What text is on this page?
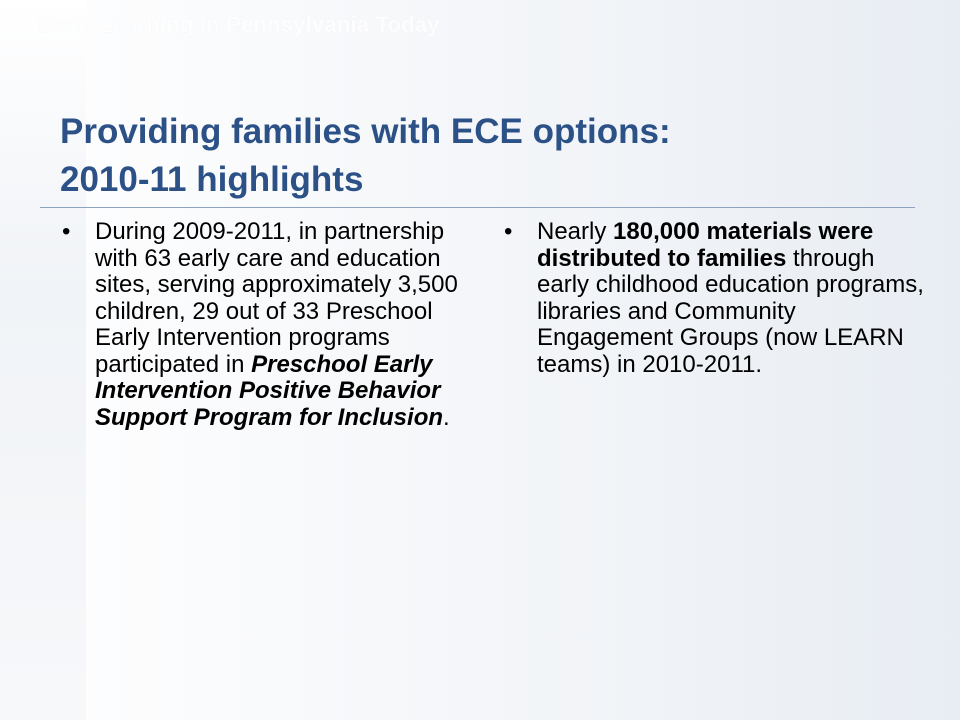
Early Learning in Pennsylvania Today
Providing families with ECE options:
2010-11 highlights
•	During 2009-2011, in partnership with 63 early care and education sites, serving approximately 3,500 children, 29 out of 33 Preschool Early Intervention programs participated in Preschool Early Intervention Positive Behavior Support Program for Inclusion.
•	Nearly 180,000 materials were distributed to families through early childhood education programs, libraries and Community Engagement Groups (now LEARN teams) in 2010-2011.
